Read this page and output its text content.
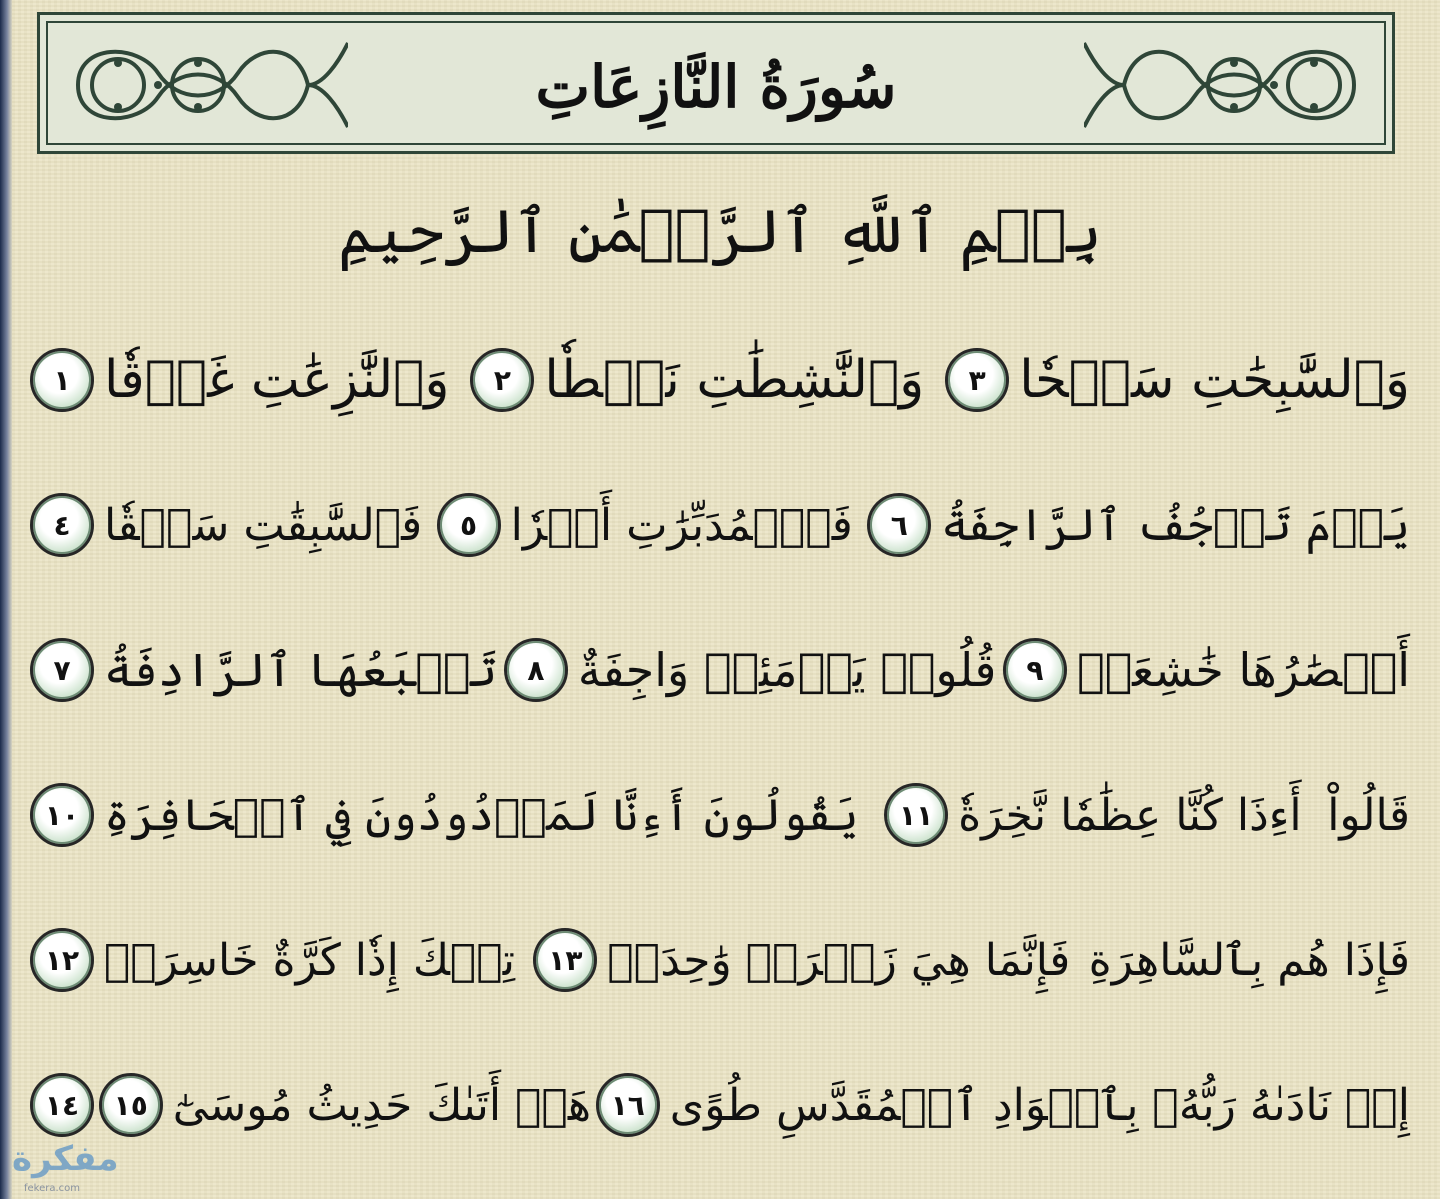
سُورَةُ النَّازِعَاتِ
بِسۡمِ ٱللَّهِ ٱلرَّحۡمَٰنِ ٱلرَّحِيمِ
وَٱلسَّٰبِحَٰتِ سَبۡحٗا
٣
وَٱلنَّٰشِطَٰتِ نَشۡطٗا
٢
وَٱلنَّٰزِعَٰتِ غَرۡقٗا
١
يَوۡمَ تَرۡجُفُ ٱلرَّاجِفَةُ
٦
فَٱلۡمُدَبِّرَٰتِ أَمۡرٗا
٥
فَٱلسَّٰبِقَٰتِ سَبۡقٗا
٤
أَبۡصَٰرُهَا خَٰشِعَةٞ
٩
قُلُوبٞ يَوۡمَئِذٖ وَاجِفَةٌ
٨
تَتۡبَعُهَا ٱلرَّادِفَةُ
٧
قَالُواْ
أَءِذَا كُنَّا عِظَٰمٗا نَّخِرَةٗ
١١
يَقُولُونَ أَءِنَّا لَمَرۡدُودُونَ فِي ٱلۡحَافِرَةِ
١٠
فَإِذَا هُم بِٱلسَّاهِرَةِ
فَإِنَّمَا هِيَ زَجۡرَةٞ وَٰحِدَةٞ
١٣
تِلۡكَ إِذٗا كَرَّةٌ خَاسِرَةٞ
١٢
إِذۡ نَادَىٰهُ رَبُّهُۥ بِٱلۡوَادِ ٱلۡمُقَدَّسِ طُوًى
١٦
هَلۡ أَتَىٰكَ حَدِيثُ مُوسَىٰٓ
١٥
١٤
مفكرة
fekera.com
